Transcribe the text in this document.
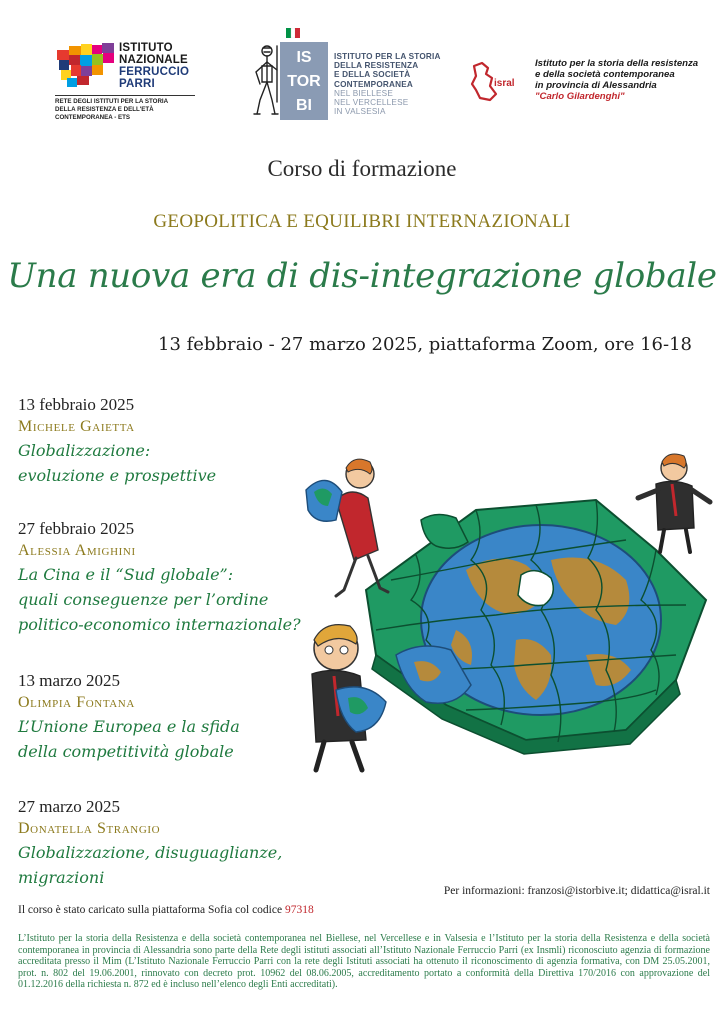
ISTITUTO
NAZIONALE
FERRUCCIO
PARRI
RETE DEGLI ISTITUTI PER LA STORIA
DELLA RESISTENZA E DELL'ETÀ
CONTEMPORANEA - ETS
IS
TOR
BI
ISTITUTO PER LA STORIA
DELLA RESISTENZA
E DELLA SOCIETÀ
CONTEMPORANEA
NEL BIELLESE
NEL VERCELLESE
IN VALSESIA
isral
Istituto per la storia della resistenza
e della società contemporanea
in provincia di Alessandria
"Carlo Gilardenghi"
Corso di formazione
GEOPOLITICA E EQUILIBRI INTERNAZIONALI
Una nuova era di dis-integrazione globale
13 febbraio - 27 marzo 2025, piattaforma Zoom, ore 16-18
13 febbraio 2025
Michele Gaietta
Globalizzazione:
evoluzione e prospettive
27 febbraio 2025
Alessia Amighini
La Cina e il “Sud globale”:
quali conseguenze per l’ordine
politico-economico internazionale?
13 marzo 2025
Olimpia Fontana
L’Unione Europea e la sfida
della competitività globale
27 marzo 2025
Donatella Strangio
Globalizzazione, disuguaglianze, migrazioni
Per informazioni: franzosi@istorbive.it; didattica@isral.it
Il corso è stato caricato sulla piattaforma Sofia col codice 97318
L’Istituto per la storia della Resistenza e della società contemporanea nel Biellese, nel Vercellese e in Valsesia e l’Istituto per la storia della Resistenza e della società contemporanea in provincia di Alessandria sono parte della Rete degli istituti associati all’Istituto Nazionale Ferruccio Parri (ex Insmli) riconosciuto agenzia di formazione accreditata presso il Mim (L’Istituto Nazionale Ferruccio Parri con la rete degli Istituti associati ha ottenuto il riconoscimento di agenzia formativa, con DM 25.05.2001, prot. n. 802 del 19.06.2001, rinnovato con decreto prot. 10962 del 08.06.2005, accreditamento portato a conformità della Direttiva 170/2016 con approvazione del 01.12.2016 della richiesta n. 872 ed è incluso nell’elenco degli Enti accreditati).
